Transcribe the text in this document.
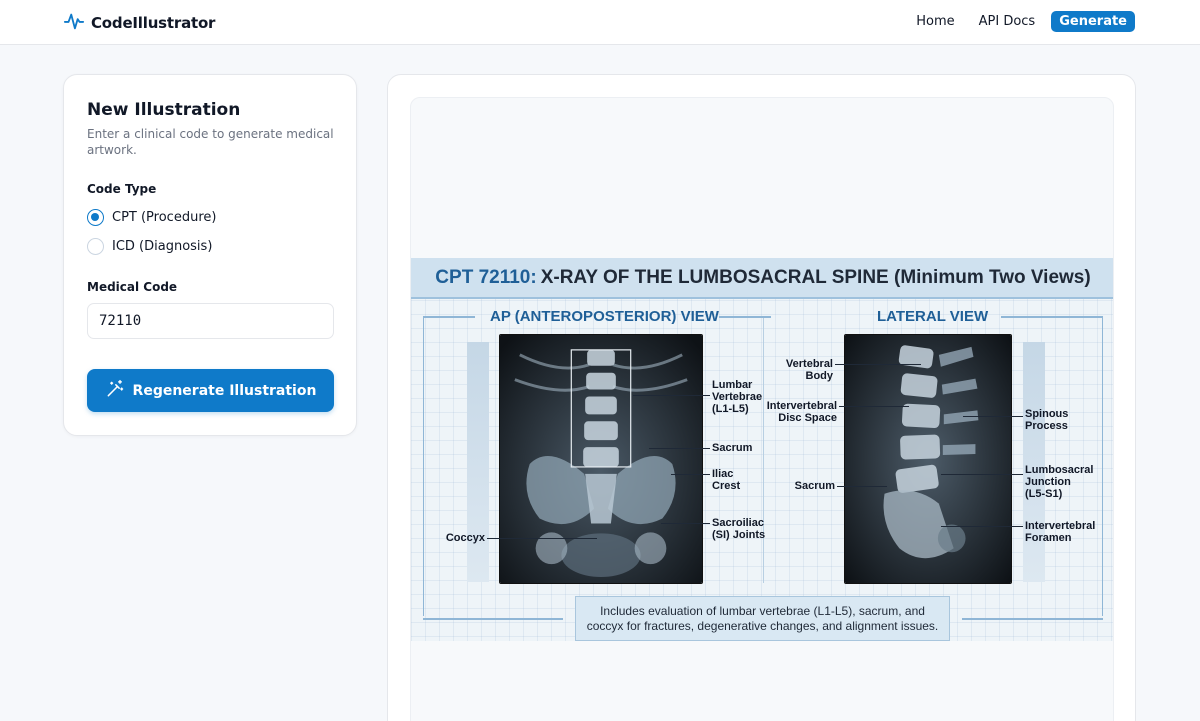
CodeIllustrator	Home	API Docs	Generate
New Illustration
Enter a clinical code to generate medical artwork.
Code Type
CPT (Procedure)
ICD (Diagnosis)
Medical Code
72110
Regenerate Illustration
CPT 72110: X-RAY OF THE LUMBOSACRAL SPINE (Minimum Two Views)
AP (ANTEROPOSTERIOR) VIEW	LATERAL VIEW
Lumbar
Vertebrae
(L1-L5)
Sacrum
Iliac
Crest
Sacroiliac
(SI) Joints
Coccyx
Vertebral
Body
Intervertebral
Disc Space
Sacrum
Spinous
Process
Lumbosacral
Junction
(L5-S1)
Intervertebral
Foramen
Includes evaluation of lumbar vertebrae (L1-L5), sacrum, and coccyx for fractures, degenerative changes, and alignment issues.
